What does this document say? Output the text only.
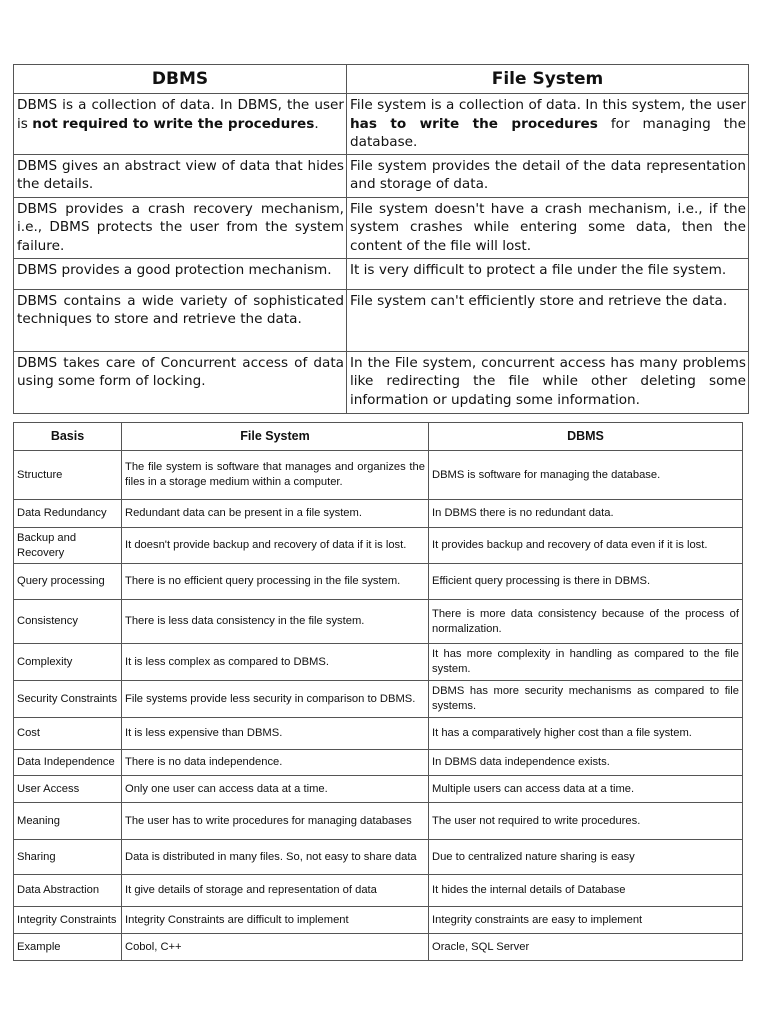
DBMS	File System
DBMS is a collection of data. In DBMS, the user is not required to write the procedures.	File system is a collection of data. In this system, the user has to write the procedures for managing the database.
DBMS gives an abstract view of data that hides the details.	File system provides the detail of the data representation and storage of data.
DBMS provides a crash recovery mechanism, i.e., DBMS protects the user from the system failure.	File system doesn't have a crash mechanism, i.e., if the system crashes while entering some data, then the content of the file will lost.
DBMS provides a good protection mechanism.	It is very difficult to protect a file under the file system.
DBMS contains a wide variety of sophisticated techniques to store and retrieve the data.	File system can't efficiently store and retrieve the data.
DBMS takes care of Concurrent access of data using some form of locking.	In the File system, concurrent access has many problems like redirecting the file while other deleting some information or updating some information.
Basis	File System	DBMS
Structure	The file system is software that manages and organizes the files in a storage medium within a computer.	DBMS is software for managing the database.
Data Redundancy	Redundant data can be present in a file system.	In DBMS there is no redundant data.
Backup and Recovery	It doesn't provide backup and recovery of data if it is lost.	It provides backup and recovery of data even if it is lost.
Query processing	There is no efficient query processing in the file system.	Efficient query processing is there in DBMS.
Consistency	There is less data consistency in the file system.	There is more data consistency because of the process of normalization.
Complexity	It is less complex as compared to DBMS.	It has more complexity in handling as compared to the file system.
Security Constraints	File systems provide less security in comparison to DBMS.	DBMS has more security mechanisms as compared to file systems.
Cost	It is less expensive than DBMS.	It has a comparatively higher cost than a file system.
Data Independence	There is no data independence.	In DBMS data independence exists.
User Access	Only one user can access data at a time.	Multiple users can access data at a time.
Meaning	The user has to write procedures for managing databases	The user not required to write procedures.
Sharing	Data is distributed in many files. So, not easy to share data	Due to centralized nature sharing is easy
Data Abstraction	It give details of storage and representation of data	It hides the internal details of Database
Integrity Constraints	Integrity Constraints are difficult to implement	Integrity constraints are easy to implement
Example	Cobol, C++	Oracle, SQL Server
